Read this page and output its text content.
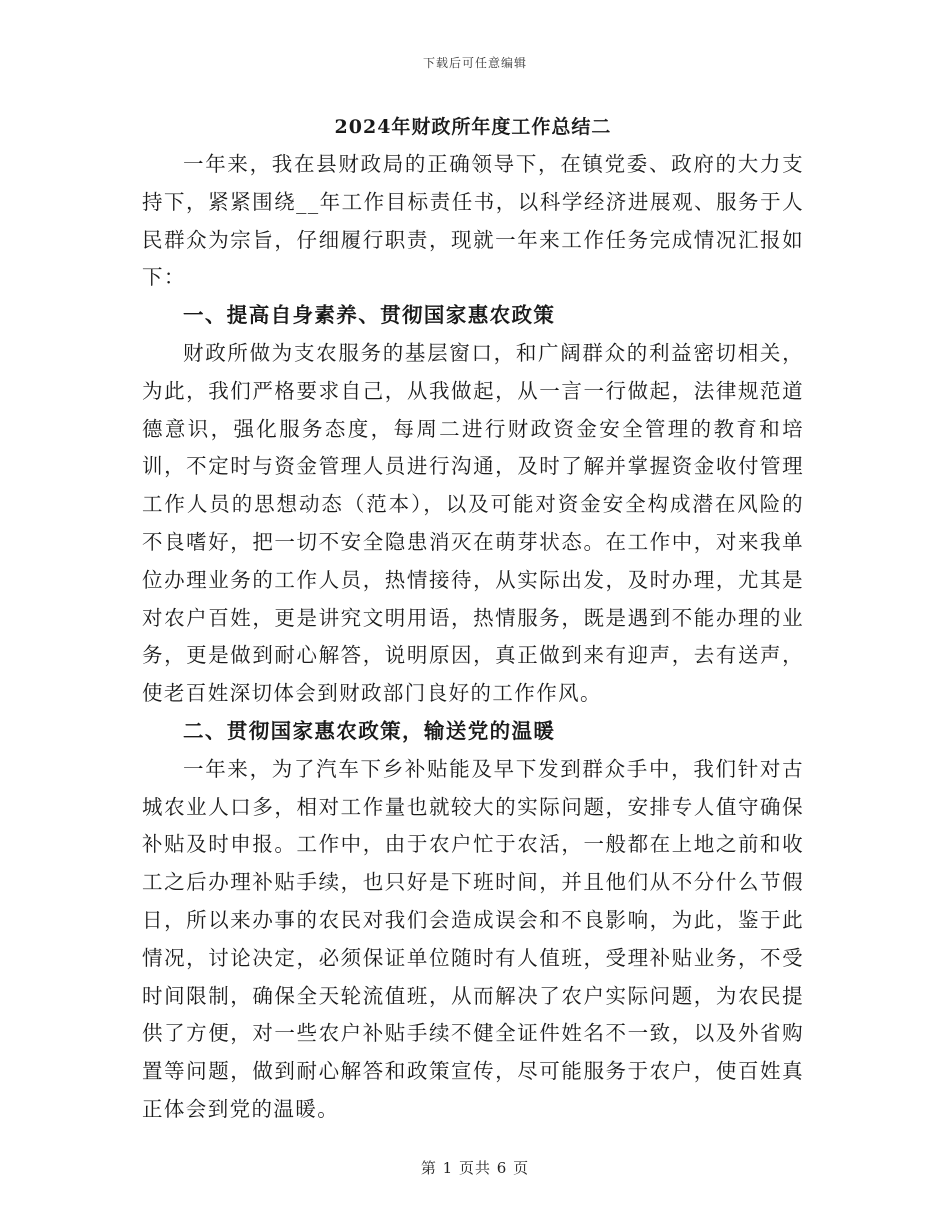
下载后可任意编辑
2024年财政所年度工作总结二

一年来，我在县财政局的正确领导下，在镇党委、政府的大力支持下，紧紧围绕__年工作目标责任书，以科学经济进展观、服务于人民群众为宗旨，仔细履行职责，现就一年来工作任务完成情况汇报如下：

一、提高自身素养、贯彻国家惠农政策

财政所做为支农服务的基层窗口，和广阔群众的利益密切相关，为此，我们严格要求自己，从我做起，从一言一行做起，法律规范道德意识，强化服务态度，每周二进行财政资金安全管理的教育和培训，不定时与资金管理人员进行沟通，及时了解并掌握资金收付管理工作人员的思想动态（范本），以及可能对资金安全构成潜在风险的不良嗜好，把一切不安全隐患消灭在萌芽状态。在工作中，对来我单位办理业务的工作人员，热情接待，从实际出发，及时办理，尤其是对农户百姓，更是讲究文明用语，热情服务，既是遇到不能办理的业务，更是做到耐心解答，说明原因，真正做到来有迎声，去有送声，使老百姓深切体会到财政部门良好的工作作风。

二、贯彻国家惠农政策，输送党的温暖

一年来，为了汽车下乡补贴能及早下发到群众手中，我们针对古城农业人口多，相对工作量也就较大的实际问题，安排专人值守确保补贴及时申报。工作中，由于农户忙于农活，一般都在上地之前和收工之后办理补贴手续，也只好是下班时间，并且他们从不分什么节假日，所以来办事的农民对我们会造成误会和不良影响，为此，鉴于此情况，讨论决定，必须保证单位随时有人值班，受理补贴业务，不受时间限制，确保全天轮流值班，从而解决了农户实际问题，为农民提供了方便，对一些农户补贴手续不健全证件姓名不一致，以及外省购置等问题，做到耐心解答和政策宣传，尽可能服务于农户，使百姓真正体会到党的温暖。

第 1 页共 6 页
